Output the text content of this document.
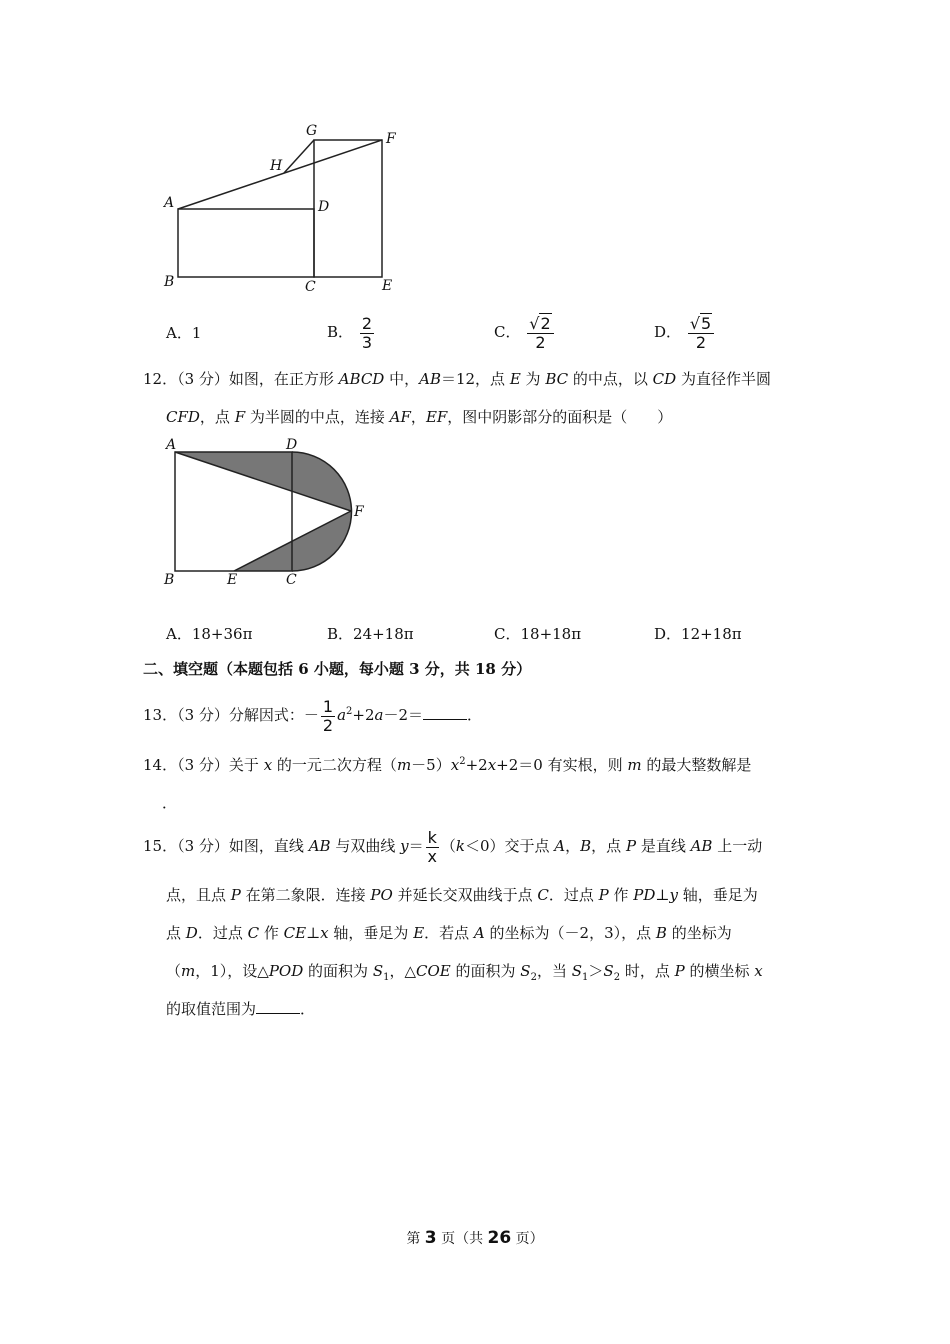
G	F
H
A	D
B	C	E
A．1	B． $\frac{2}{3}$	C． $\frac{√2}{2}$	D． $\frac{√5}{2}$
12．（3 分）如图，在正方形 ABCD 中，AB＝12，点 E 为 BC 的中点，以 CD 为直径作半圆
CFD，点 F 为半圆的中点，连接 AF，EF，图中阴影部分的面积是（　　）
A	D
F
B	E	C
A．18+36π	B．24+18π	C．18+18π	D．12+18π
二、填空题（本题包括 6 小题，每小题 3 分，共 18 分）
13．（3 分）分解因式：－ $\frac{1}{2} a^2+2a-2=$	．
14．（3 分）关于 x 的一元二次方程$(m-5)x^2+2x+2=0$ 有实根，则 m 的最大整数解是
．
15．（3 分）如图，直线 AB 与双曲线 $y= \frac{k}{x} (k<0)$交于点 A，B，点 P 是直线 AB 上一动
点，且点 P 在第二象限．连接 PO 并延长交双曲线于点 C．过点 P 作 PD⊥y 轴，垂足为
点 D．过点 C 作 CE⊥x 轴，垂足为 E．若点 A 的坐标为（－2，3），点 B 的坐标为
（m，1），设△POD 的面积为 $S_1$，△COE 的面积为 $S_2$，当 $S_1>S_2$ 时，点 P 的横坐标 x
的取值范围为	．
第 3 页（共 26 页）
